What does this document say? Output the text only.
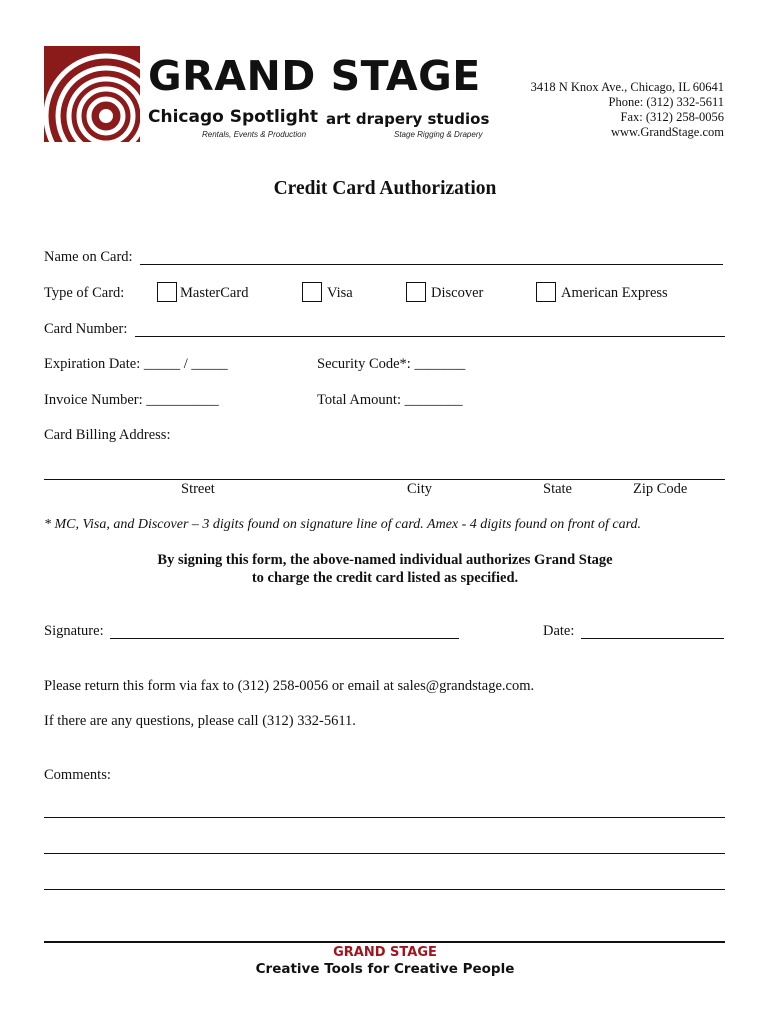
GRAND STAGE
Chicago Spotlight art drapery studios
Rentals, Events & Production	Stage Rigging & Drapery
3418 N Knox Ave., Chicago, IL 60641
Phone: (312) 332-5611
Fax: (312) 258-0056
www.GrandStage.com
Credit Card Authorization
Name on Card:
Type of Card:	MasterCard	Visa	Discover	American Express
Card Number:
Expiration Date: _____ / _____	Security Code*: _______
Invoice Number: __________	Total Amount: ________
Card Billing Address:
Street	City	State	Zip Code
* MC, Visa, and Discover – 3 digits found on signature line of card. Amex - 4 digits found on front of card.
By signing this form, the above-named individual authorizes Grand Stage
to charge the credit card listed as specified.
Signature:	Date:
Please return this form via fax to (312) 258-0056 or email at sales@grandstage.com.
If there are any questions, please call (312) 332-5611.
Comments:
GRAND STAGE
Creative Tools for Creative People
